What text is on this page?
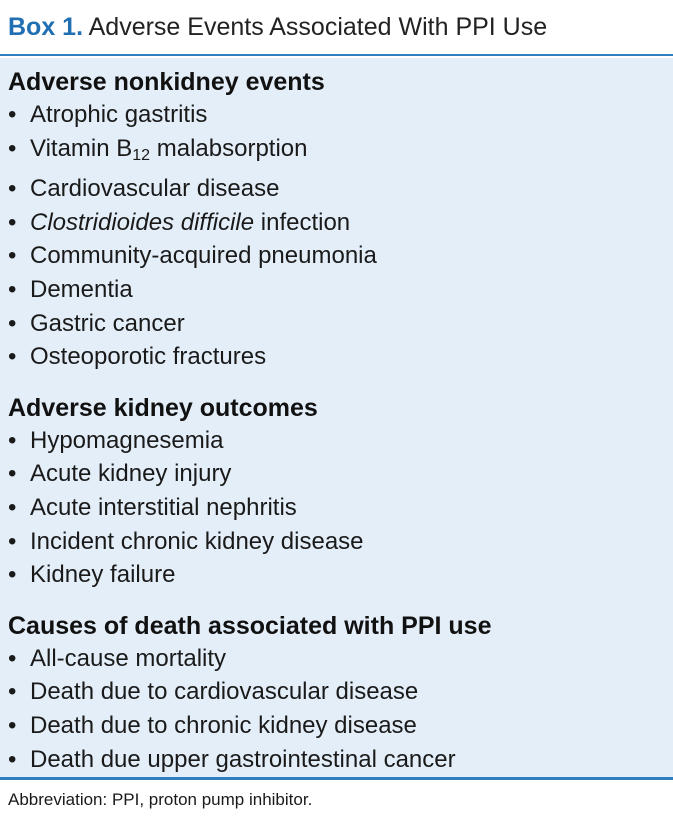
Box 1. Adverse Events Associated With PPI Use
Adverse nonkidney events
• Atrophic gastritis
• Vitamin $B_{12}$ malabsorption
• Cardiovascular disease
• Clostridioides difficile infection
• Community-acquired pneumonia
• Dementia
• Gastric cancer
• Osteoporotic fractures
Adverse kidney outcomes
• Hypomagnesemia
• Acute kidney injury
• Acute interstitial nephritis
• Incident chronic kidney disease
• Kidney failure
Causes of death associated with PPI use
• All-cause mortality
• Death due to cardiovascular disease
• Death due to chronic kidney disease
• Death due upper gastrointestinal cancer
Abbreviation: PPI, proton pump inhibitor.
